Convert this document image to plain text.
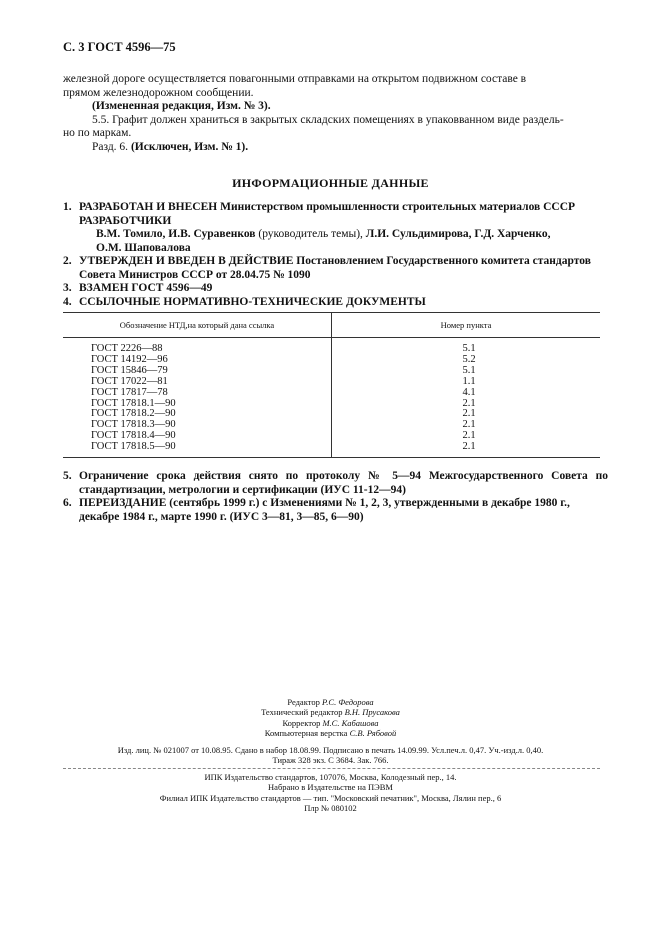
С. 3 ГОСТ 4596—75
железной дороге осуществляется повагонными отправками на открытом подвижном составе в
прямом железнодорожном сообщении.
(Измененная редакция, Изм. № 3).
5.5. Графит должен храниться в закрытых складских помещениях в упаковванном виде раздель-
но по маркам.
Разд. 6. (Исключен, Изм. № 1).
ИНФОРМАЦИОННЫЕ ДАННЫЕ
1. РАЗРАБОТАН И ВНЕСЕН Министерством промышленности строительных материалов СССР
РАЗРАБОТЧИКИ
В.М. Томило, И.В. Суравенков (руководитель темы), Л.И. Сульдимирова, Г.Д. Харченко,
О.М. Шаповалова
2. УТВЕРЖДЕН И ВВЕДЕН В ДЕЙСТВИЕ Постановлением Государственного комитета стандартов
Совета Министров СССР от 28.04.75 № 1090
3. ВЗАМЕН ГОСТ 4596—49
4. ССЫЛОЧНЫЕ НОРМАТИВНО-ТЕХНИЧЕСКИЕ ДОКУМЕНТЫ
Обозначение НТД,на который дана ссылка	Номер пункта
ГОСТ 2226—88	5.1
ГОСТ 14192—96	5.2
ГОСТ 15846—79	5.1
ГОСТ 17022—81	1.1
ГОСТ 17817—78	4.1
ГОСТ 17818.1—90	2.1
ГОСТ 17818.2—90	2.1
ГОСТ 17818.3—90	2.1
ГОСТ 17818.4—90	2.1
ГОСТ 17818.5—90	2.1
5. Ограничение срока действия снято по протоколу № 5—94 Межгосударственного Совета по
стандартизации, метрологии и сертификации (ИУС 11-12—94)
6. ПЕРЕИЗДАНИЕ (сентябрь 1999 г.) с Изменениями № 1, 2, 3, утвержденными в декабре 1980 г.,
декабре 1984 г., марте 1990 г. (ИУС 3—81, 3—85, 6—90)
Редактор Р.С. Федорова
Технический редактор В.Н. Прусакова
Корректор М.С. Кабашова
Компьютерная верстка С.В. Рябовой
Изд. лиц. № 021007 от 10.08.95. Сдано в набор 18.08.99. Подписано в печать 14.09.99. Усл.печ.л. 0,47. Уч.-изд.л. 0,40.
Тираж 328 экз. С 3684. Зак. 766.
ИПК Издательство стандартов, 107076, Москва, Колодезный пер., 14.
Набрано в Издательстве на ПЭВМ
Филиал ИПК Издательство стандартов — тип. "Московский печатник", Москва, Лялин пер., 6
Плр № 080102
